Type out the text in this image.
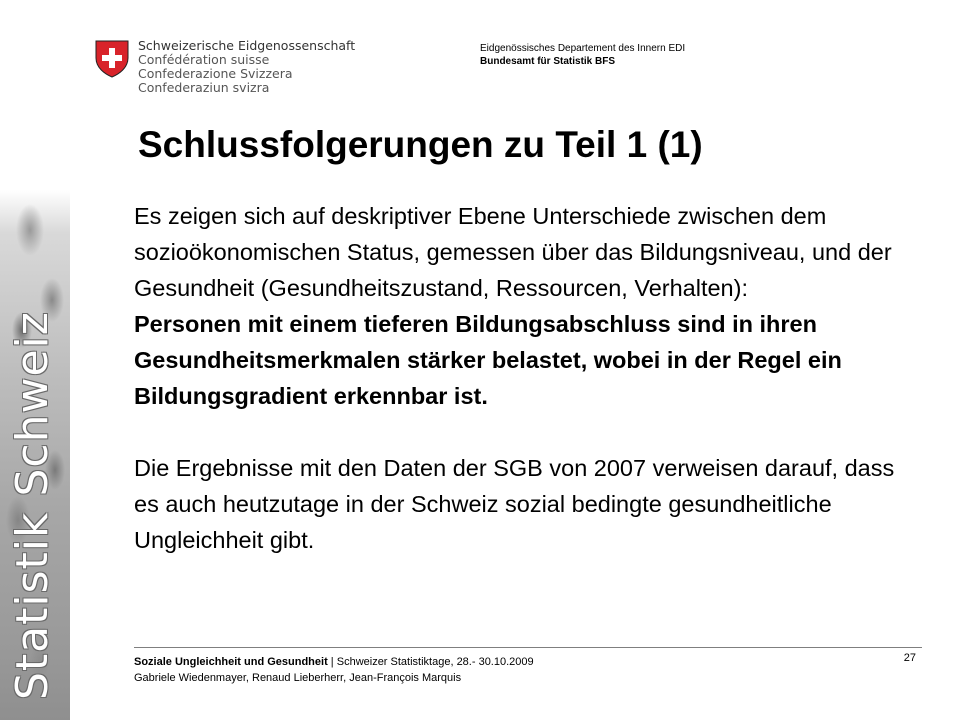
Statistik Schweiz
Schweizerische Eidgenossenschaft
Confédération suisse
Confederazione Svizzera
Confederaziun svizra
Eidgenössisches Departement des Innern EDI
Bundesamt für Statistik BFS
Schlussfolgerungen zu Teil 1 (1)

Es zeigen sich auf deskriptiver Ebene Unterschiede zwischen dem sozioökonomischen Status, gemessen über das Bildungsniveau, und der Gesundheit (Gesundheitszustand, Ressourcen, Verhalten):

Personen mit einem tieferen Bildungsabschluss sind in ihren Gesundheitsmerkmalen stärker belastet, wobei in der Regel ein Bildungsgradient erkennbar ist.

Die Ergebnisse mit den Daten der SGB von 2007 verweisen darauf, dass es auch heutzutage in der Schweiz sozial bedingte gesundheitliche Ungleichheit gibt.

27
Soziale Ungleichheit und Gesundheit | Schweizer Statistiktage, 28.- 30.10.2009
Gabriele Wiedenmayer, Renaud Lieberherr, Jean-François Marquis
